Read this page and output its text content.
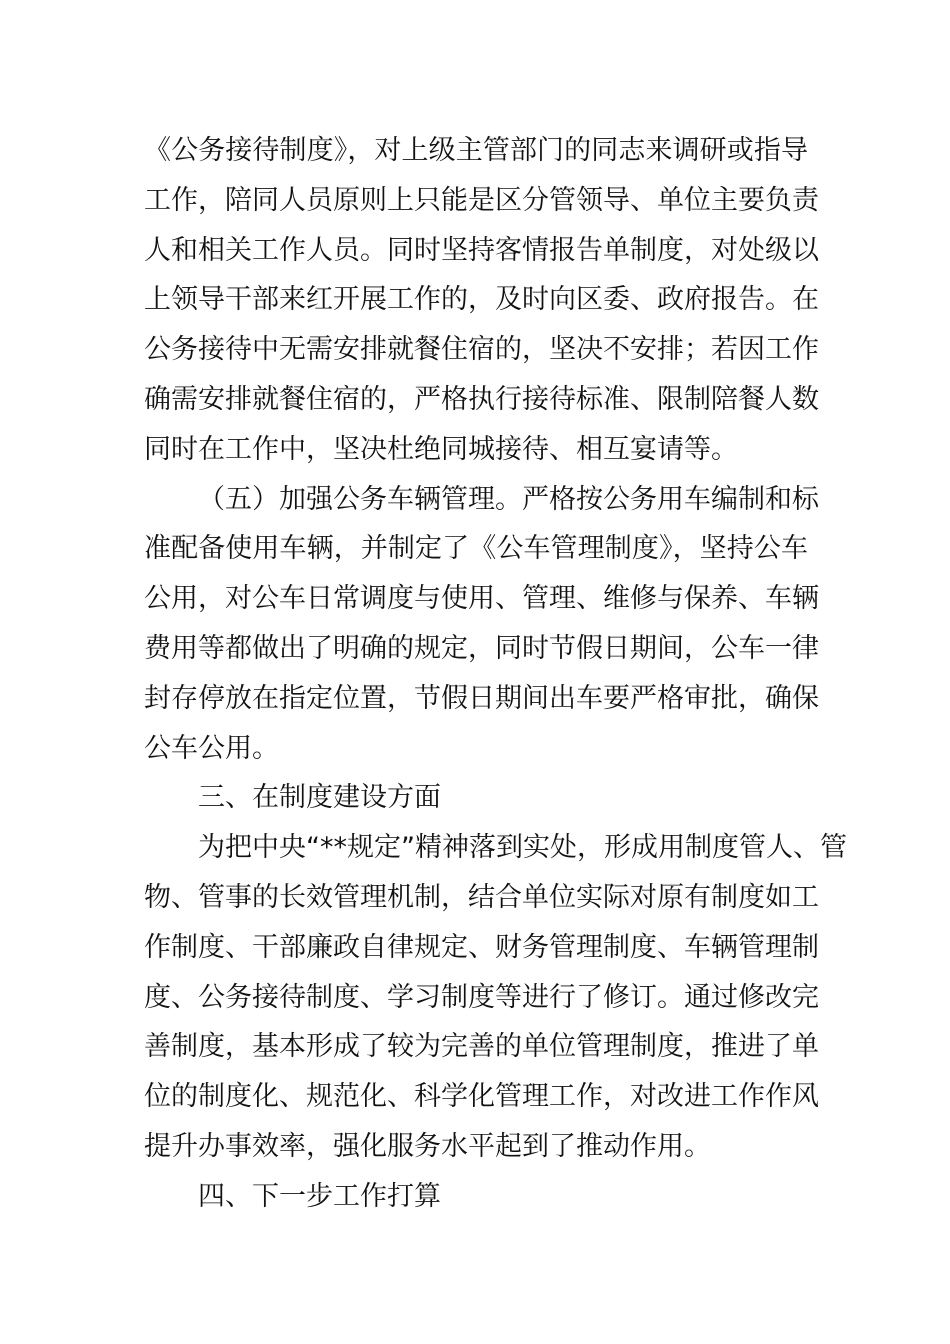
《公务接待制度》，对上级主管部门的同志来调研或指导
工作，陪同人员原则上只能是区分管领导、单位主要负责
人和相关工作人员。同时坚持客情报告单制度，对处级以
上领导干部来红开展工作的，及时向区委、政府报告。在
公务接待中无需安排就餐住宿的，坚决不安排；若因工作
确需安排就餐住宿的，严格执行接待标准、限制陪餐人数
同时在工作中，坚决杜绝同城接待、相互宴请等。
（五）加强公务车辆管理。严格按公务用车编制和标
准配备使用车辆，并制定了《公车管理制度》，坚持公车
公用，对公车日常调度与使用、管理、维修与保养、车辆
费用等都做出了明确的规定，同时节假日期间，公车一律
封存停放在指定位置，节假日期间出车要严格审批，确保
公车公用。
三、在制度建设方面
为把中央“**规定”精神落到实处，形成用制度管人、管
物、管事的长效管理机制，结合单位实际对原有制度如工
作制度、干部廉政自律规定、财务管理制度、车辆管理制
度、公务接待制度、学习制度等进行了修订。通过修改完
善制度，基本形成了较为完善的单位管理制度，推进了单
位的制度化、规范化、科学化管理工作，对改进工作作风
提升办事效率，强化服务水平起到了推动作用。
四、下一步工作打算
